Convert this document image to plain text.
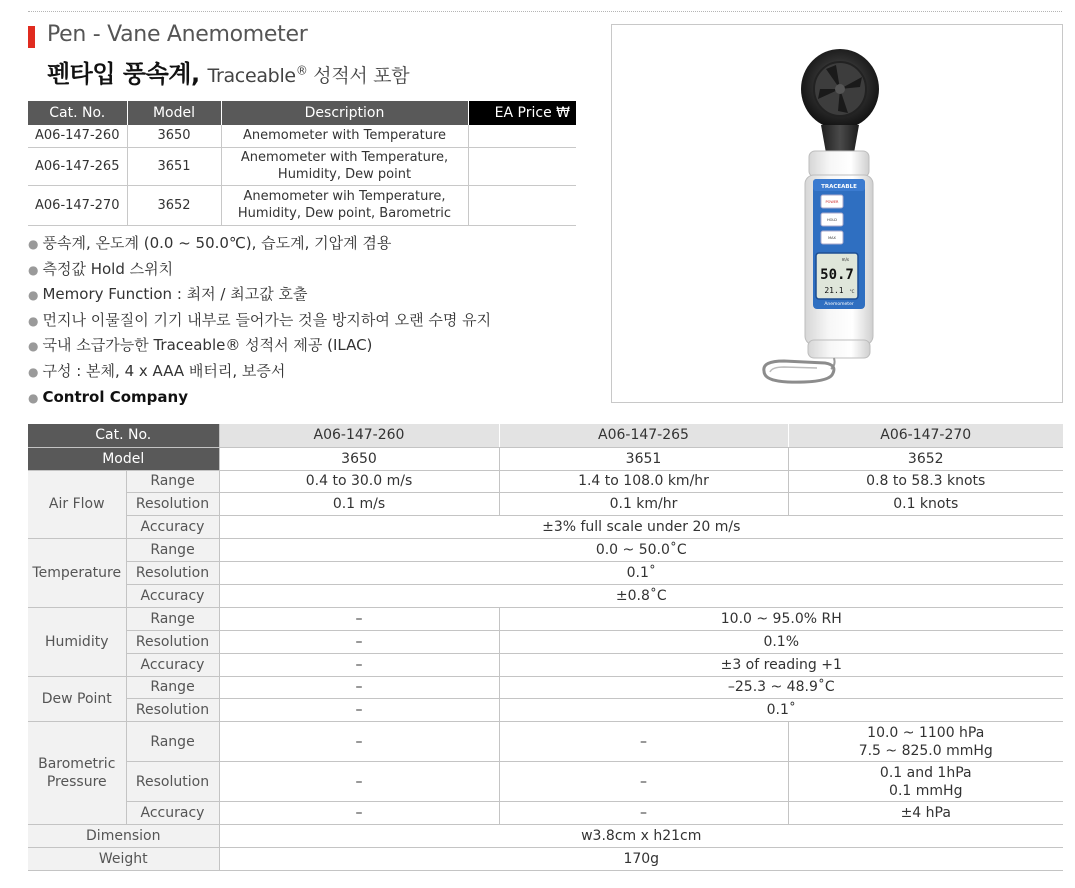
Pen - Vane Anemometer
펜타입 풍속계, Traceable® 성적서 포함
Cat. No.	Model	Description	EA Price ₩
A06-147-260	3650	Anemometer with Temperature	
A06-147-265	3651	Anemometer with Temperature,
Humidity, Dew point	
A06-147-270	3652	Anemometer wih Temperature,
Humidity, Dew point, Barometric	
● 풍속계, 온도계 (0.0 ~ 50.0℃), 습도계, 기압계 겸용
● 측정값 Hold 스위치
● Memory Function : 최저 / 최고값 호출
● 먼지나 이물질이 기기 내부로 들어가는 것을 방지하여 오랜 수명 유지
● 국내 소급가능한 Traceable® 성적서 제공 (ILAC)
● 구성 : 본체, 4 x AAA 배터리, 보증서
● Control Company
TRACEABLE
POWER
HOLD
MAX
m/s
50.7
21.1 °C
Anemometer
Cat. No.		A06-147-260	A06-147-265	A06-147-270
Model		3650	3651	3652
Air Flow	Range	0.4 to 30.0 m/s	1.4 to 108.0 km/hr	0.8 to 58.3 knots
	Resolution	0.1 m/s	0.1 km/hr	0.1 knots
	Accuracy	±3% full scale under 20 m/s		
Temperature	Range	0.0 ~ 50.0˚C		
	Resolution	0.1˚		
	Accuracy	±0.8˚C		
Humidity	Range	–	10.0 ~ 95.0% RH	
	Resolution	–	0.1%	
	Accuracy	–	±3 of reading +1	
Dew Point	Range	–	–25.3 ~ 48.9˚C	
	Resolution	–	0.1˚	
Barometric
Pressure	Range	–	–	10.0 ~ 1100 hPa
7.5 ~ 825.0 mmHg
	Resolution	–	–	0.1 and 1hPa
0.1 mmHg
	Accuracy	–	–	±4 hPa
Dimension		w3.8cm x h21cm		
Weight		170g		
